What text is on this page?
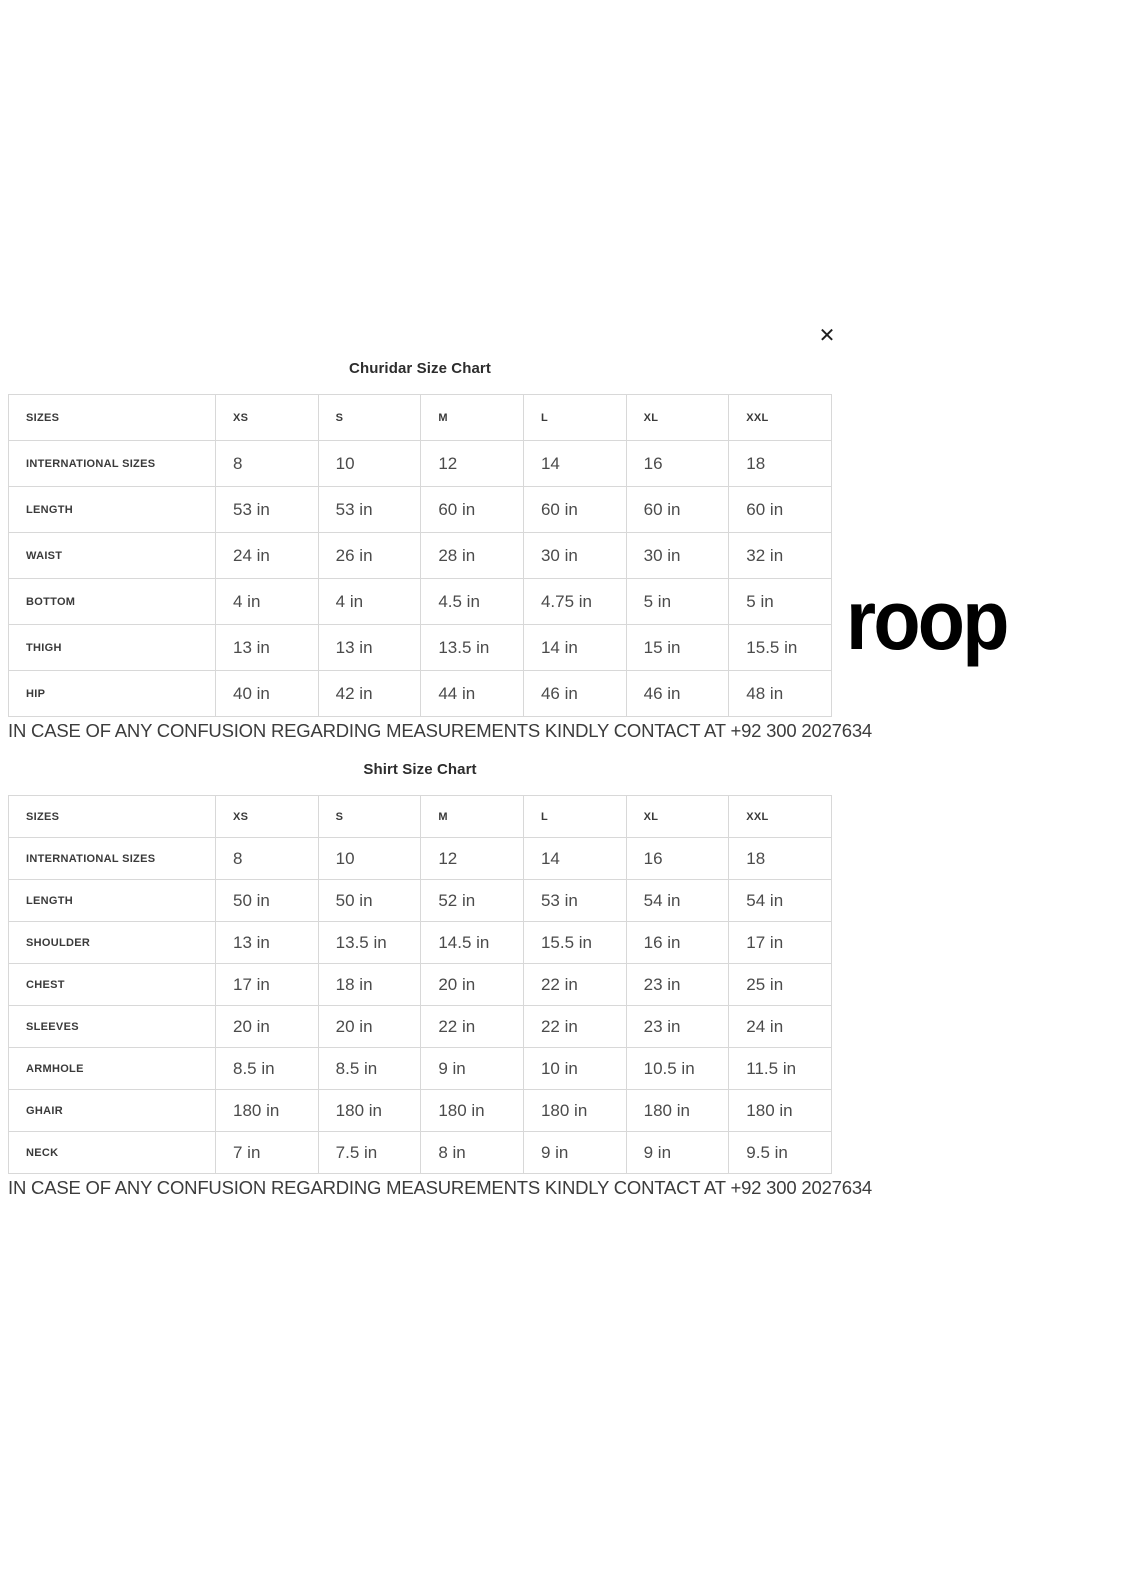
✕
roop
Churidar Size Chart
SIZES	XS	S	M	L	XL	XXL
INTERNATIONAL SIZES	8	10	12	14	16	18
LENGTH	53 in	53 in	60 in	60 in	60 in	60 in
WAIST	24 in	26 in	28 in	30 in	30 in	32 in
BOTTOM	4 in	4 in	4.5 in	4.75 in	5 in	5 in
THIGH	13 in	13 in	13.5 in	14 in	15 in	15.5 in
HIP	40 in	42 in	44 in	46 in	46 in	48 in
IN CASE OF ANY CONFUSION REGARDING MEASUREMENTS KINDLY CONTACT AT +92 300 2027634
Shirt Size Chart
SIZES	XS	S	M	L	XL	XXL
INTERNATIONAL SIZES	8	10	12	14	16	18
LENGTH	50 in	50 in	52 in	53 in	54 in	54 in
SHOULDER	13 in	13.5 in	14.5 in	15.5 in	16 in	17 in
CHEST	17 in	18 in	20 in	22 in	23 in	25 in
SLEEVES	20 in	20 in	22 in	22 in	23 in	24 in
ARMHOLE	8.5 in	8.5 in	9 in	10 in	10.5 in	11.5 in
GHAIR	180 in	180 in	180 in	180 in	180 in	180 in
NECK	7 in	7.5 in	8 in	9 in	9 in	9.5 in
IN CASE OF ANY CONFUSION REGARDING MEASUREMENTS KINDLY CONTACT AT +92 300 2027634
